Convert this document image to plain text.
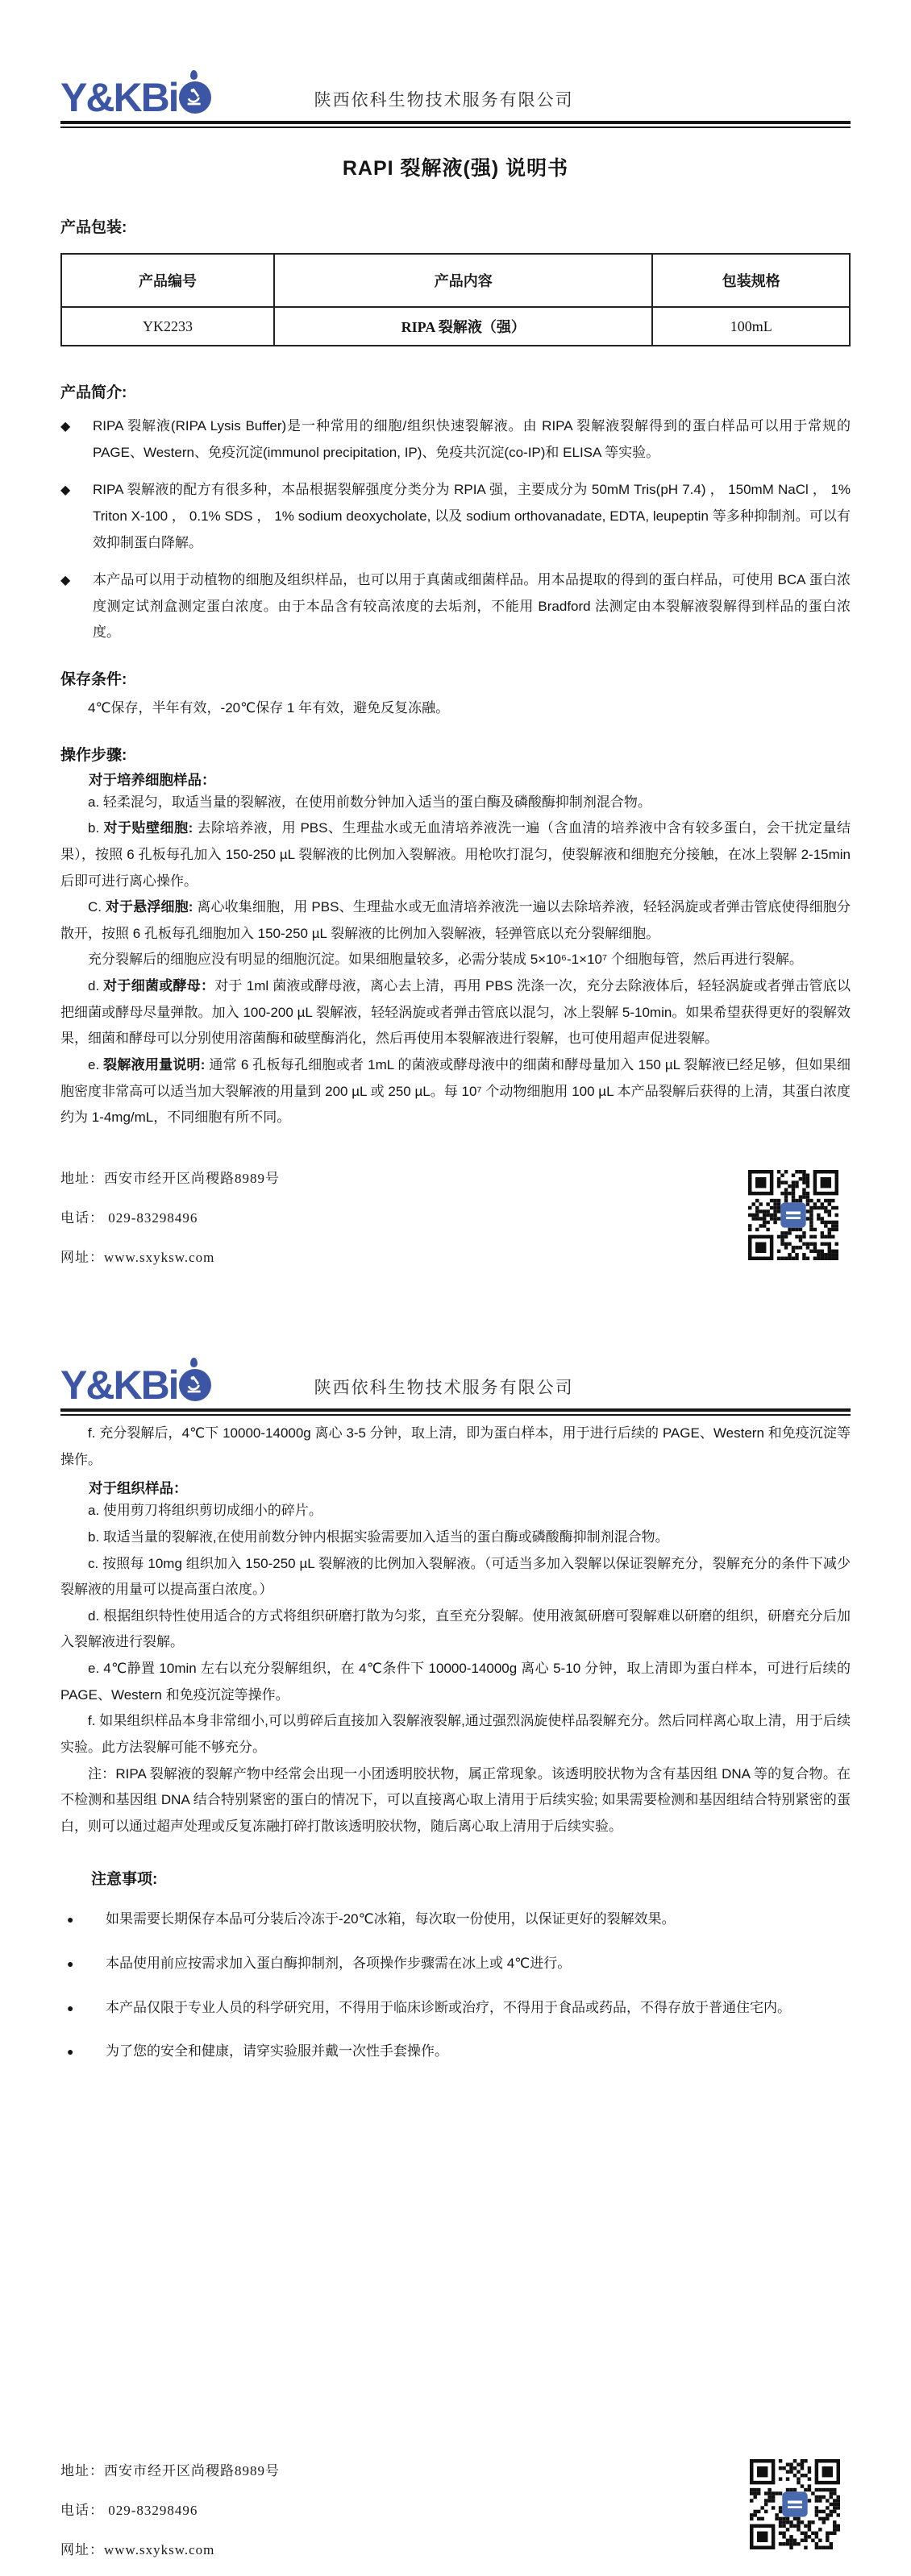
Y&KBi	陕西依科生物技术服务有限公司
RAPI 裂解液(强) 说明书
产品包装:
产品编号	产品内容	包装规格
YK2233	RIPA 裂解液（强）	100mL
产品简介:
◆
RIPA 裂解液(RIPA Lysis Buffer)是一种常用的细胞/组织快速裂解液。由 RIPA 裂解液裂解得到的蛋白样品可以用于常规的 PAGE、Western、免疫沉淀(immunol precipitation, IP)、免疫共沉淀(co-IP)和 ELISA 等实验。
◆
RIPA 裂解液的配方有很多种，本品根据裂解强度分类分为 RPIA 强，主要成分为 50mM Tris(pH 7.4) ， 150mM NaCl ， 1% Triton X-100 ， 0.1% SDS ， 1% sodium deoxycholate, 以及 sodium orthovanadate, EDTA, leupeptin 等多种抑制剂。可以有效抑制蛋白降解。
◆
本产品可以用于动植物的细胞及组织样品，也可以用于真菌或细菌样品。用本品提取的得到的蛋白样品，可使用 BCA 蛋白浓度测定试剂盒测定蛋白浓度。由于本品含有较高浓度的去垢剂，不能用 Bradford 法测定由本裂解液裂解得到样品的蛋白浓度。
保存条件:

4℃保存，半年有效，-20℃保存 1 年有效，避免反复冻融。

操作步骤:
对于培养细胞样品：

a. 轻柔混匀，取适当量的裂解液，在使用前数分钟加入适当的蛋白酶及磷酸酶抑制剂混合物。

b. 对于贴壁细胞: 去除培养液，用 PBS、生理盐水或无血清培养液洗一遍（含血清的培养液中含有较多蛋白，会干扰定量结果），按照 6 孔板每孔加入 150-250 µL 裂解液的比例加入裂解液。用枪吹打混匀，使裂解液和细胞充分接触，在冰上裂解 2-15min 后即可进行离心操作。

C. 对于悬浮细胞: 离心收集细胞，用 PBS、生理盐水或无血清培养液洗一遍以去除培养液，轻轻涡旋或者弹击管底使得细胞分散开，按照 6 孔板每孔细胞加入 150-250 µL 裂解液的比例加入裂解液，轻弹管底以充分裂解细胞。

充分裂解后的细胞应没有明显的细胞沉淀。如果细胞量较多，必需分装成 5×10⁶-1×10⁷ 个细胞每管，然后再进行裂解。

d. 对于细菌或酵母：对于 1ml 菌液或酵母液，离心去上清，再用 PBS 洗涤一次，充分去除液体后，轻轻涡旋或者弹击管底以把细菌或酵母尽量弹散。加入 100-200 µL 裂解液，轻轻涡旋或者弹击管底以混匀，冰上裂解 5-10min。如果希望获得更好的裂解效果，细菌和酵母可以分别使用溶菌酶和破壁酶消化，然后再使用本裂解液进行裂解，也可使用超声促进裂解。

e. 裂解液用量说明: 通常 6 孔板每孔细胞或者 1mL 的菌液或酵母液中的细菌和酵母量加入 150 µL 裂解液已经足够，但如果细胞密度非常高可以适当加大裂解液的用量到 200 µL 或 250 µL。每 10⁷ 个动物细胞用 100 µL 本产品裂解后获得的上清，其蛋白浓度约为 1-4mg/mL，不同细胞有所不同。

地址：西安市经开区尚稷路8989号
电话： 029-83298496
网址：www.sxyksw.com
Y&KBi	陕西依科生物技术服务有限公司

f. 充分裂解后，4℃下 10000-14000g 离心 3-5 分钟，取上清，即为蛋白样本，用于进行后续的 PAGE、Western 和免疫沉淀等操作。

对于组织样品：

a. 使用剪刀将组织剪切成细小的碎片。

b. 取适当量的裂解液,在使用前数分钟内根据实验需要加入适当的蛋白酶或磷酸酶抑制剂混合物。

c. 按照每 10mg 组织加入 150-250 µL 裂解液的比例加入裂解液。（可适当多加入裂解以保证裂解充分，裂解充分的条件下减少裂解液的用量可以提高蛋白浓度。）

d. 根据组织特性使用适合的方式将组织研磨打散为匀浆，直至充分裂解。使用液氮研磨可裂解难以研磨的组织，研磨充分后加入裂解液进行裂解。

e. 4℃静置 10min 左右以充分裂解组织，在 4℃条件下 10000-14000g 离心 5-10 分钟，取上清即为蛋白样本，可进行后续的 PAGE、Western 和免疫沉淀等操作。

f. 如果组织样品本身非常细小,可以剪碎后直接加入裂解液裂解,通过强烈涡旋使样品裂解充分。然后同样离心取上清，用于后续实验。此方法裂解可能不够充分。

注：RIPA 裂解液的裂解产物中经常会出现一小团透明胶状物，属正常现象。该透明胶状物为含有基因组 DNA 等的复合物。在不检测和基因组 DNA 结合特别紧密的蛋白的情况下，可以直接离心取上清用于后续实验; 如果需要检测和基因组结合特别紧密的蛋白，则可以通过超声处理或反复冻融打碎打散该透明胶状物，随后离心取上清用于后续实验。

注意事项:
●
如果需要长期保存本品可分装后冷冻于-20℃冰箱，每次取一份使用，以保证更好的裂解效果。
●
本品使用前应按需求加入蛋白酶抑制剂，各项操作步骤需在冰上或 4℃进行。
●
本产品仅限于专业人员的科学研究用，不得用于临床诊断或治疗，不得用于食品或药品，不得存放于普通住宅内。
●
为了您的安全和健康，请穿实验服并戴一次性手套操作。
地址：西安市经开区尚稷路8989号
电话： 029-83298496
网址：www.sxyksw.com
